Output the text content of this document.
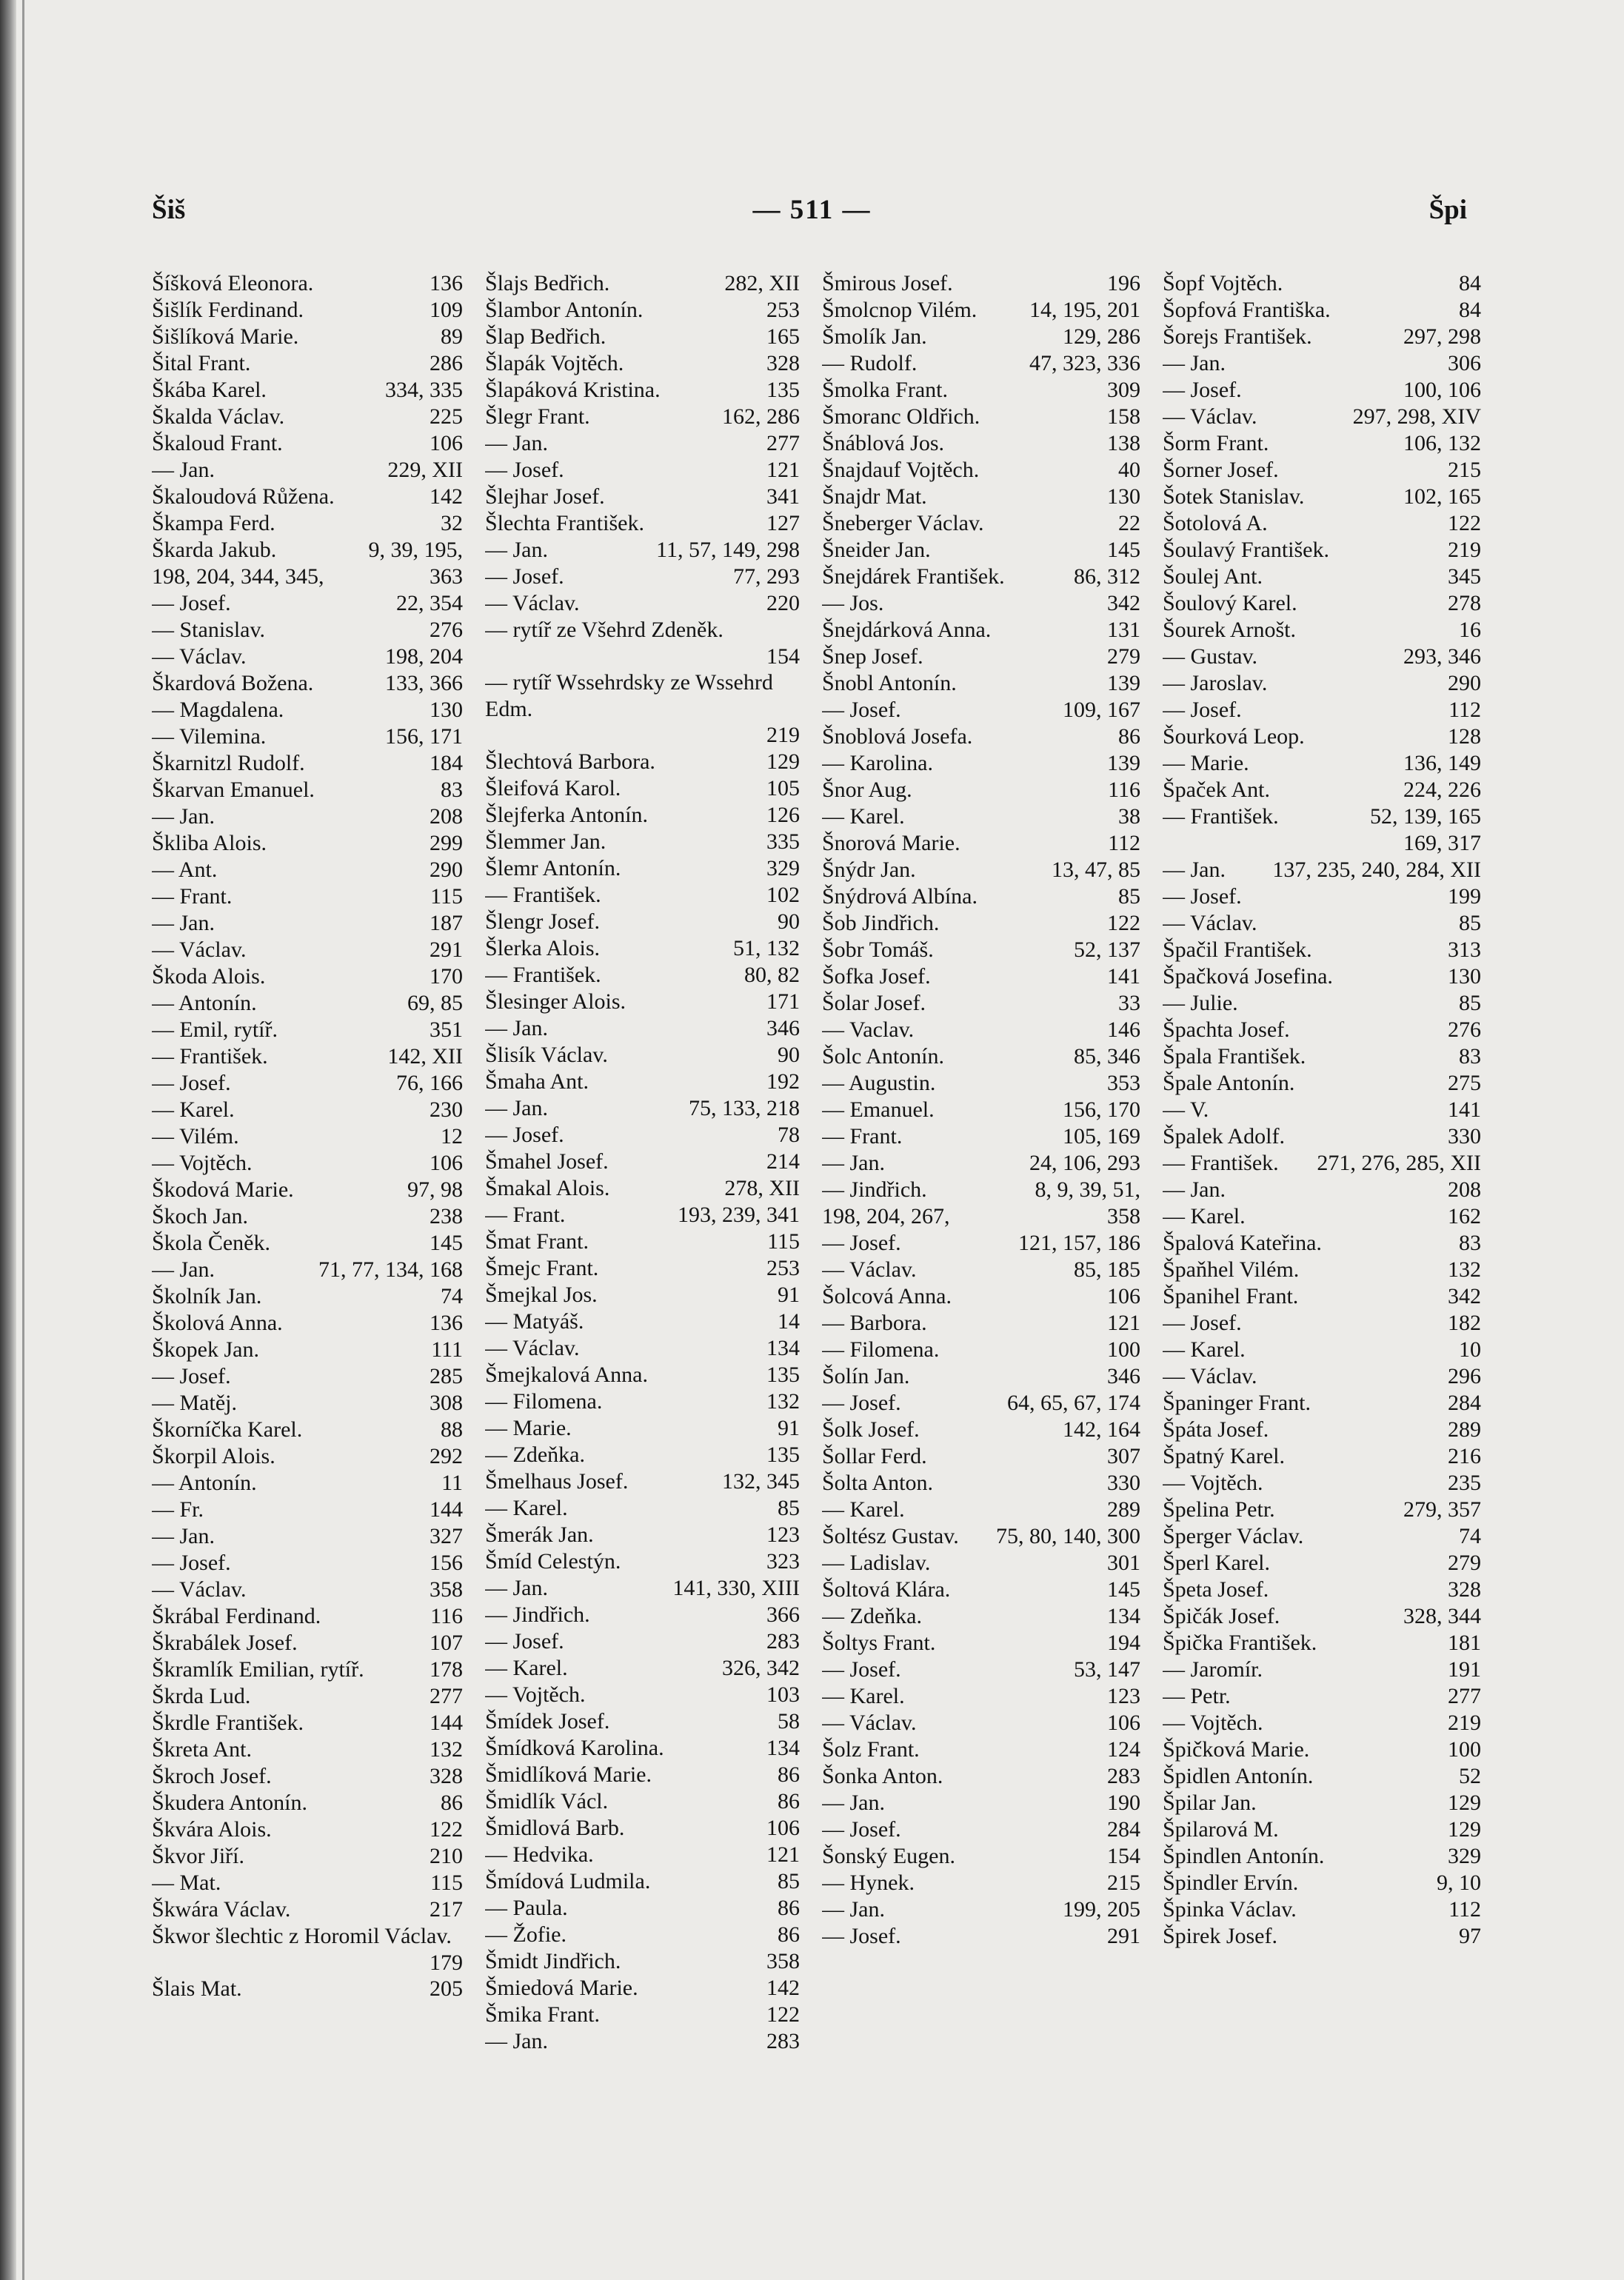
Šiš	— 511 —	Špi
Šíšková Eleonora.	136
Šišlík Ferdinand.	109
Šišlíková Marie.	89
Šital Frant.	286
Škába Karel.	334, 335
Škalda Václav.	225
Škaloud Frant.	106
— Jan.	229, XII
Škaloudová Růžena.	142
Škampa Ferd.	32
Škarda Jakub.	9, 39, 195,
198, 204, 344, 345,	363
— Josef.	22, 354
— Stanislav.	276
— Václav.	198, 204
Škardová Božena.	133, 366
— Magdalena.	130
— Vilemina.	156, 171
Škarnitzl Rudolf.	184
Škarvan Emanuel.	83
— Jan.	208
Škliba Alois.	299
— Ant.	290
— Frant.	115
— Jan.	187
— Václav.	291
Škoda Alois.	170
— Antonín.	69, 85
— Emil, rytíř.	351
— František.	142, XII
— Josef.	76, 166
— Karel.	230
— Vilém.	12
— Vojtěch.	106
Škodová Marie.	97, 98
Škoch Jan.	238
Škola Čeněk.	145
— Jan.	71, 77, 134, 168
Školník Jan.	74
Školová Anna.	136
Škopek Jan.	111
— Josef.	285
— Matěj.	308
Škorníčka Karel.	88
Škorpil Alois.	292
— Antonín.	11
— Fr.	144
— Jan.	327
— Josef.	156
— Václav.	358
Škrábal Ferdinand.	116
Škrabálek Josef.	107
Škramlík Emilian, rytíř.	178
Škrda Lud.	277
Škrdle František.	144
Škreta Ant.	132
Škroch Josef.	328
Škudera Antonín.	86
Škvára Alois.	122
Škvor Jiří.	210
— Mat.	115
Škwára Václav.	217
Škwor šlechtic z Horomil Václav.
179
Šlais Mat.	205
Šlajs Bedřich.	282, XII
Šlambor Antonín.	253
Šlap Bedřich.	165
Šlapák Vojtěch.	328
Šlapáková Kristina.	135
Šlegr Frant.	162, 286
— Jan.	277
— Josef.	121
Šlejhar Josef.	341
Šlechta František.	127
— Jan.	11, 57, 149, 298
— Josef.	77, 293
— Václav.	220
— rytíř ze Všehrd Zdeněk.
154
— rytíř Wssehrdsky ze Wssehrd Edm.
219
Šlechtová Barbora.	129
Šleifová Karol.	105
Šlejferka Antonín.	126
Šlemmer Jan.	335
Šlemr Antonín.	329
— František.	102
Šlengr Josef.	90
Šlerka Alois.	51, 132
— František.	80, 82
Šlesinger Alois.	171
— Jan.	346
Šlisík Václav.	90
Šmaha Ant.	192
— Jan.	75, 133, 218
— Josef.	78
Šmahel Josef.	214
Šmakal Alois.	278, XII
— Frant.	193, 239, 341
Šmat Frant.	115
Šmejc Frant.	253
Šmejkal Jos.	91
— Matyáš.	14
— Václav.	134
Šmejkalová Anna.	135
— Filomena.	132
— Marie.	91
— Zdeňka.	135
Šmelhaus Josef.	132, 345
— Karel.	85
Šmerák Jan.	123
Šmíd Celestýn.	323
— Jan.	141, 330, XIII
— Jindřich.	366
— Josef.	283
— Karel.	326, 342
— Vojtěch.	103
Šmídek Josef.	58
Šmídková Karolina.	134
Šmidlíková Marie.	86
Šmidlík Václ.	86
Šmidlová Barb.	106
— Hedvika.	121
Šmídová Ludmila.	85
— Paula.	86
— Žofie.	86
Šmidt Jindřich.	358
Šmiedová Marie.	142
Šmika Frant.	122
— Jan.	283
Šmirous Josef.	196
Šmolcnop Vilém.	14, 195, 201
Šmolík Jan.	129, 286
— Rudolf.	47, 323, 336
Šmolka Frant.	309
Šmoranc Oldřich.	158
Šnáblová Jos.	138
Šnajdauf Vojtěch.	40
Šnajdr Mat.	130
Šneberger Václav.	22
Šneider Jan.	145
Šnejdárek František.	86, 312
— Jos.	342
Šnejdárková Anna.	131
Šnep Josef.	279
Šnobl Antonín.	139
— Josef.	109, 167
Šnoblová Josefa.	86
— Karolina.	139
Šnor Aug.	116
— Karel.	38
Šnorová Marie.	112
Šnýdr Jan.	13, 47, 85
Šnýdrová Albína.	85
Šob Jindřich.	122
Šobr Tomáš.	52, 137
Šofka Josef.	141
Šolar Josef.	33
— Vaclav.	146
Šolc Antonín.	85, 346
— Augustin.	353
— Emanuel.	156, 170
— Frant.	105, 169
— Jan.	24, 106, 293
— Jindřich.	8, 9, 39, 51,
198, 204, 267,	358
— Josef.	121, 157, 186
— Václav.	85, 185
Šolcová Anna.	106
— Barbora.	121
— Filomena.	100
Šolín Jan.	346
— Josef.	64, 65, 67, 174
Šolk Josef.	142, 164
Šollar Ferd.	307
Šolta Anton.	330
— Karel.	289
Šoltész Gustav.	75, 80, 140, 300
— Ladislav.	301
Šoltová Klára.	145
— Zdeňka.	134
Šoltys Frant.	194
— Josef.	53, 147
— Karel.	123
— Václav.	106
Šolz Frant.	124
Šonka Anton.	283
— Jan.	190
— Josef.	284
Šonský Eugen.	154
— Hynek.	215
— Jan.	199, 205
— Josef.	291
Šopf Vojtěch.	84
Šopfová Františka.	84
Šorejs František.	297, 298
— Jan.	306
— Josef.	100, 106
— Václav.	297, 298, XIV
Šorm Frant.	106, 132
Šorner Josef.	215
Šotek Stanislav.	102, 165
Šotolová A.	122
Šoulavý František.	219
Šoulej Ant.	345
Šoulový Karel.	278
Šourek Arnošt.	16
— Gustav.	293, 346
— Jaroslav.	290
— Josef.	112
Šourková Leop.	128
— Marie.	136, 149
Špaček Ant.	224, 226
— František.	52, 139, 165
169, 317
— Jan.	137, 235, 240, 284, XII
— Josef.	199
— Václav.	85
Špačil František.	313
Špačková Josefina.	130
— Julie.	85
Špachta Josef.	276
Špala František.	83
Špale Antonín.	275
— V.	141
Špalek Adolf.	330
— František.	271, 276, 285, XII
— Jan.	208
— Karel.	162
Špalová Kateřina.	83
Špaňhel Vilém.	132
Španihel Frant.	342
— Josef.	182
— Karel.	10
— Václav.	296
Španinger Frant.	284
Špáta Josef.	289
Špatný Karel.	216
— Vojtěch.	235
Špelina Petr.	279, 357
Šperger Václav.	74
Šperl Karel.	279
Špeta Josef.	328
Špičák Josef.	328, 344
Špička František.	181
— Jaromír.	191
— Petr.	277
— Vojtěch.	219
Špičková Marie.	100
Špidlen Antonín.	52
Špilar Jan.	129
Špilarová M.	129
Špindlen Antonín.	329
Špindler Ervín.	9, 10
Špinka Václav.	112
Špirek Josef.	97
